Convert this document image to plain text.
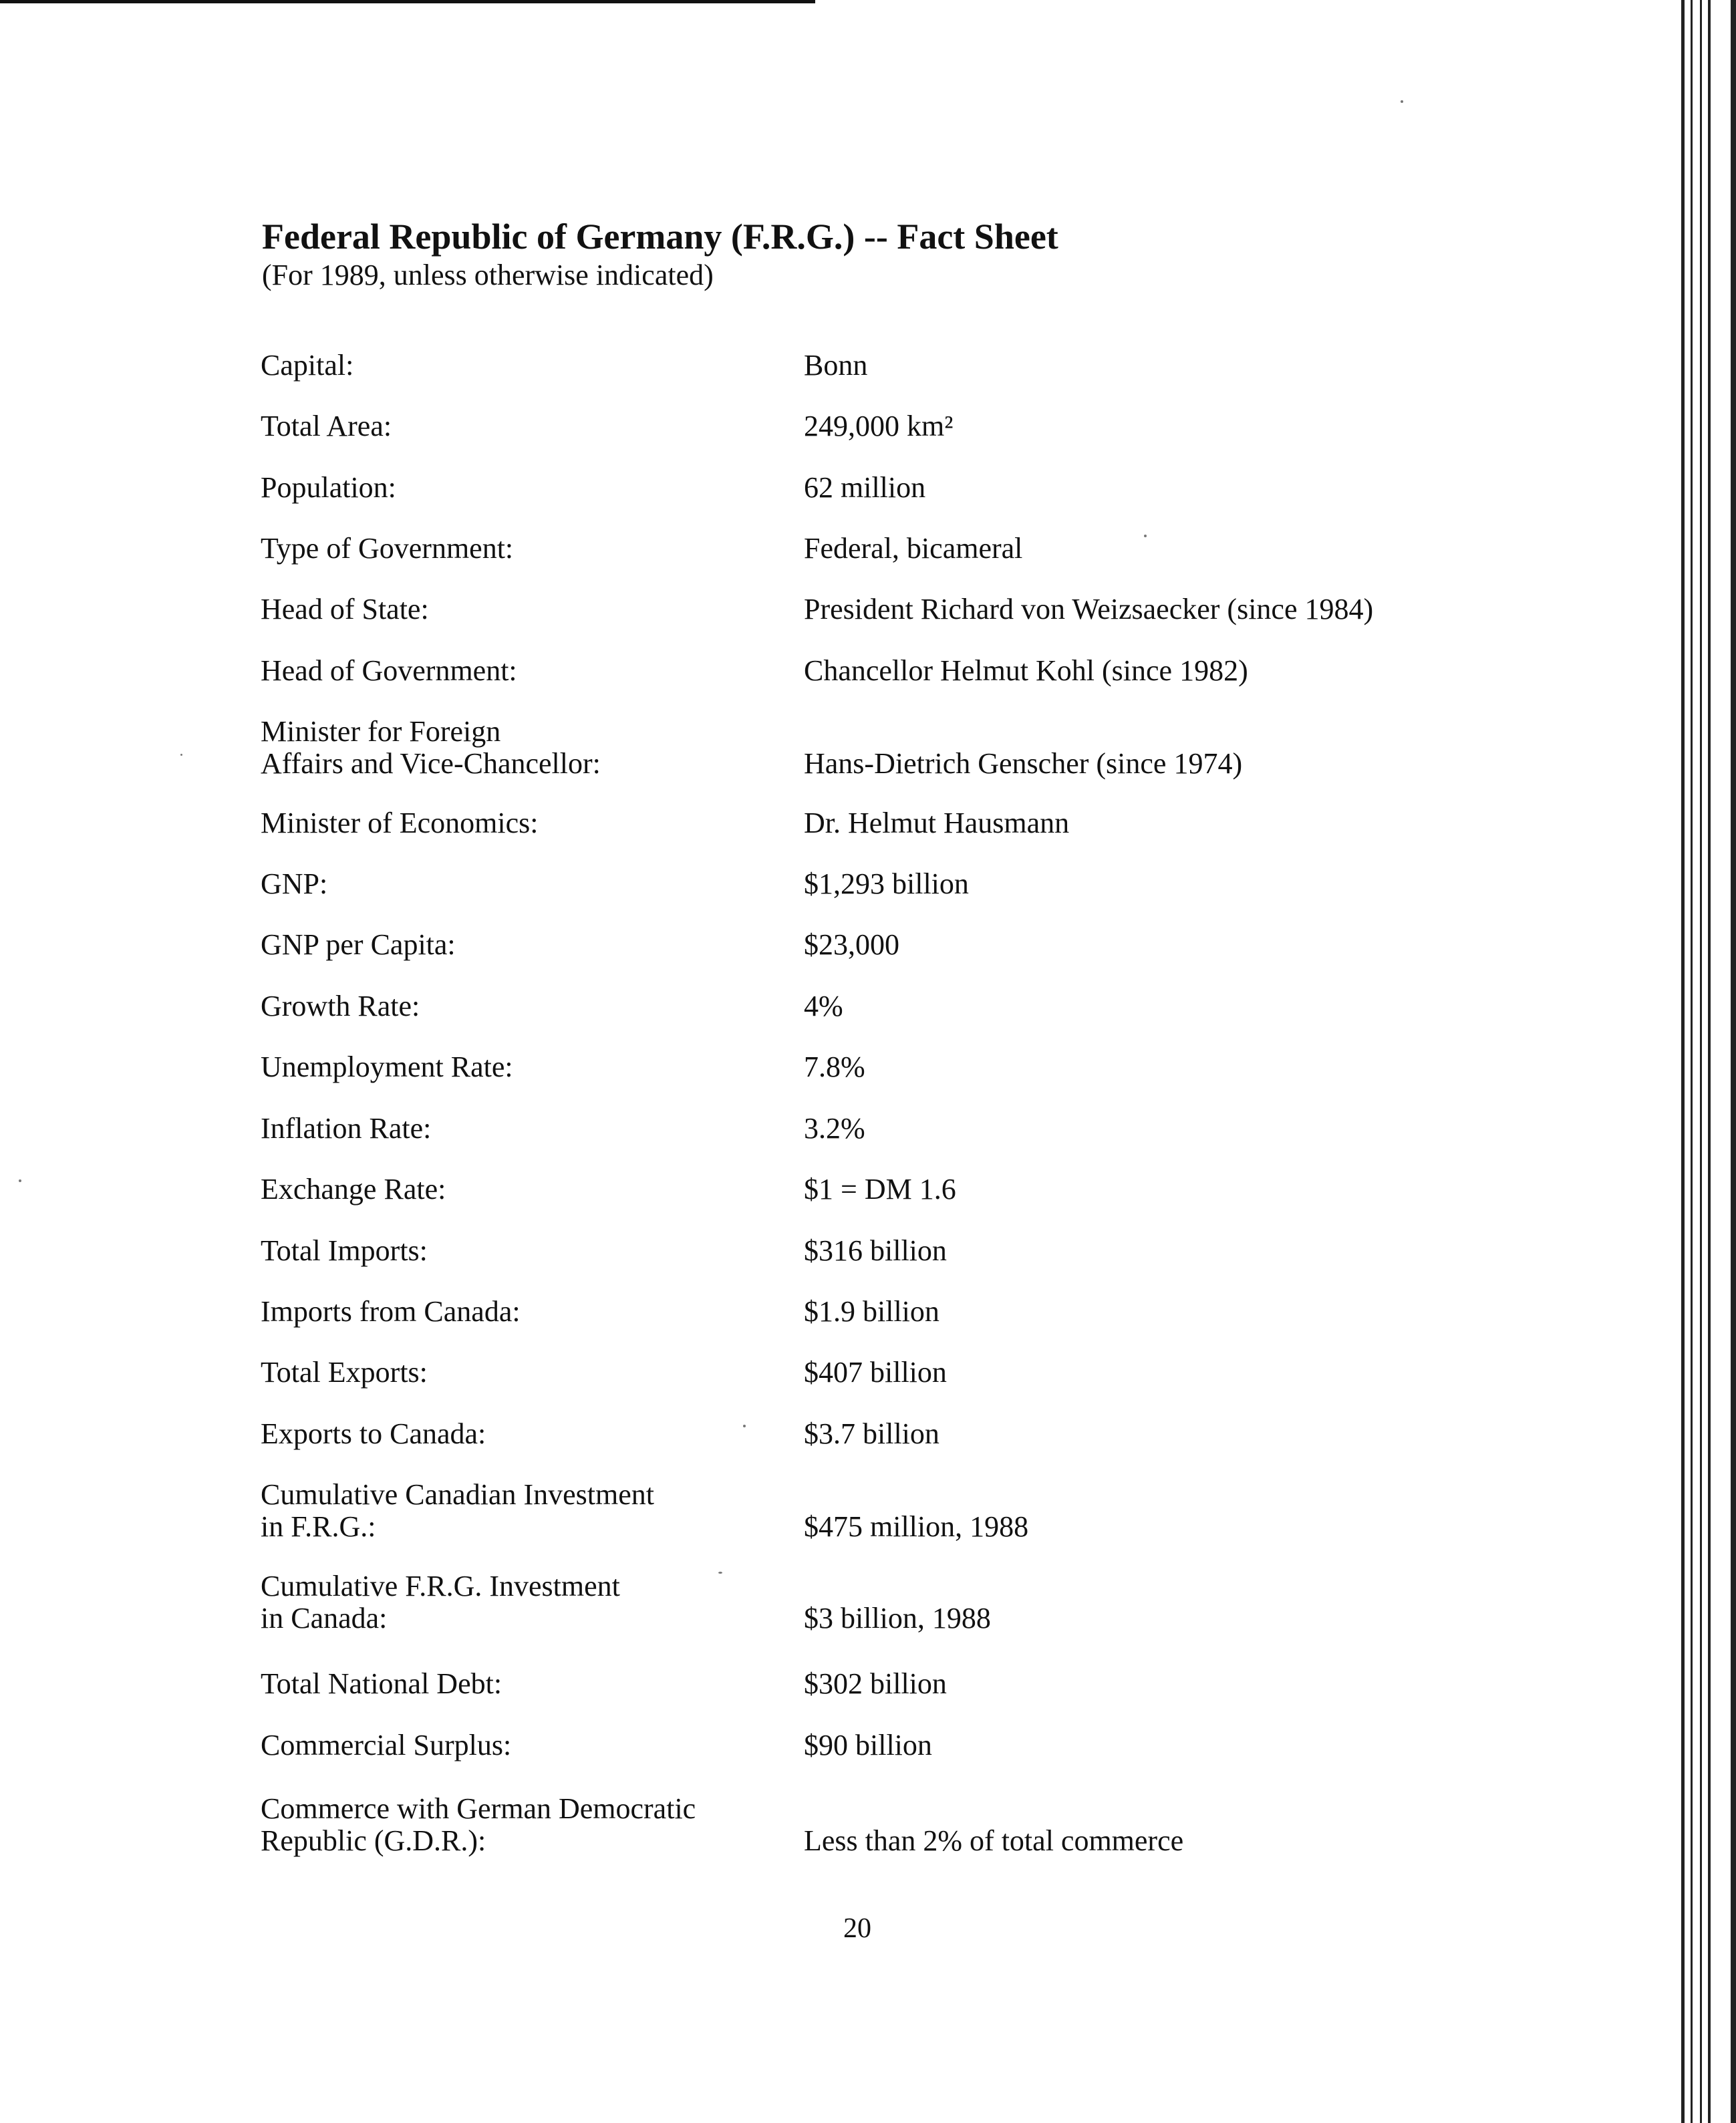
Federal Republic of Germany (F.R.G.) -- Fact Sheet

(For 1989, unless otherwise indicated)

Capital:	Bonn
Total Area:	249,000 km²
Population:	62 million
Type of Government:	Federal, bicameral
Head of State:	President Richard von Weizsaecker (since 1984)
Head of Government:	Chancellor Helmut Kohl (since 1982)
Minister for Foreign
Affairs and Vice-Chancellor:	Hans-Dietrich Genscher (since 1974)
Minister of Economics:	Dr. Helmut Hausmann
GNP:	$1,293 billion
GNP per Capita:	$23,000
Growth Rate:	4%
Unemployment Rate:	7.8%
Inflation Rate:	3.2%
Exchange Rate:	$1 = DM 1.6
Total Imports:	$316 billion
Imports from Canada:	$1.9 billion
Total Exports:	$407 billion
Exports to Canada:	$3.7 billion
Cumulative Canadian Investment
in F.R.G.:	$475 million, 1988
Cumulative F.R.G. Investment
in Canada:	$3 billion, 1988
Total National Debt:	$302 billion
Commercial Surplus:	$90 billion
Commerce with German Democratic
Republic (G.D.R.):	Less than 2% of total commerce
20
